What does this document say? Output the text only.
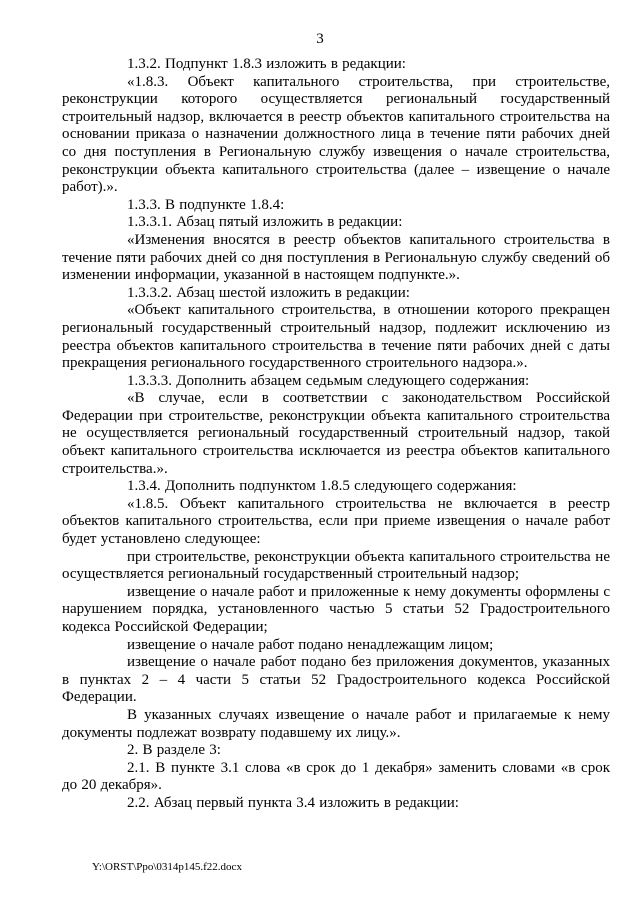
3

1.3.2. Подпункт 1.8.3 изложить в редакции:

«1.8.3. Объект капитального строительства, при строительстве, реконструкции которого осуществляется региональный государственный строительный надзор, включается в реестр объектов капитального строительства на основании приказа о назначении должностного лица в течение пяти рабочих дней со дня поступления в Региональную службу извещения о начале строительства, реконструкции объекта капитального строительства (далее – извещение о начале работ).».

1.3.3. В подпункте 1.8.4:

1.3.3.1. Абзац пятый изложить в редакции:

«Изменения вносятся в реестр объектов капитального строительства в течение пяти рабочих дней со дня поступления в Региональную службу сведений об изменении информации, указанной в настоящем подпункте.».

1.3.3.2. Абзац шестой изложить в редакции:

«Объект капитального строительства, в отношении которого прекращен региональный государственный строительный надзор, подлежит исключению из реестра объектов капитального строительства в течение пяти рабочих дней с даты прекращения регионального государственного строительного надзора.».

1.3.3.3. Дополнить абзацем седьмым следующего содержания:

«В случае, если в соответствии с законодательством Российской Федерации при строительстве, реконструкции объекта капитального строительства не осуществляется региональный государственный строительный надзор, такой объект капитального строительства исключается из реестра объектов капитального строительства.».

1.3.4. Дополнить подпунктом 1.8.5 следующего содержания:

«1.8.5. Объект капитального строительства не включается в реестр объектов капитального строительства, если при приеме извещения о начале работ будет установлено следующее:

при строительстве, реконструкции объекта капитального строительства не осуществляется региональный государственный строительный надзор;

извещение о начале работ и приложенные к нему документы оформлены с нарушением порядка, установленного частью 5 статьи 52 Градостроительного кодекса Российской Федерации;

извещение о начале работ подано ненадлежащим лицом;

извещение о начале работ подано без приложения документов, указанных в пунктах 2 – 4 части 5 статьи 52 Градостроительного кодекса Российской Федерации.

В указанных случаях извещение о начале работ и прилагаемые к нему документы подлежат возврату подавшему их лицу.».

2. В разделе 3:

2.1. В пункте 3.1 слова «в срок до 1 декабря» заменить словами «в срок до 20 декабря».

2.2. Абзац первый пункта 3.4 изложить в редакции:

Y:\ORST\Ppo\0314p145.f22.docx
